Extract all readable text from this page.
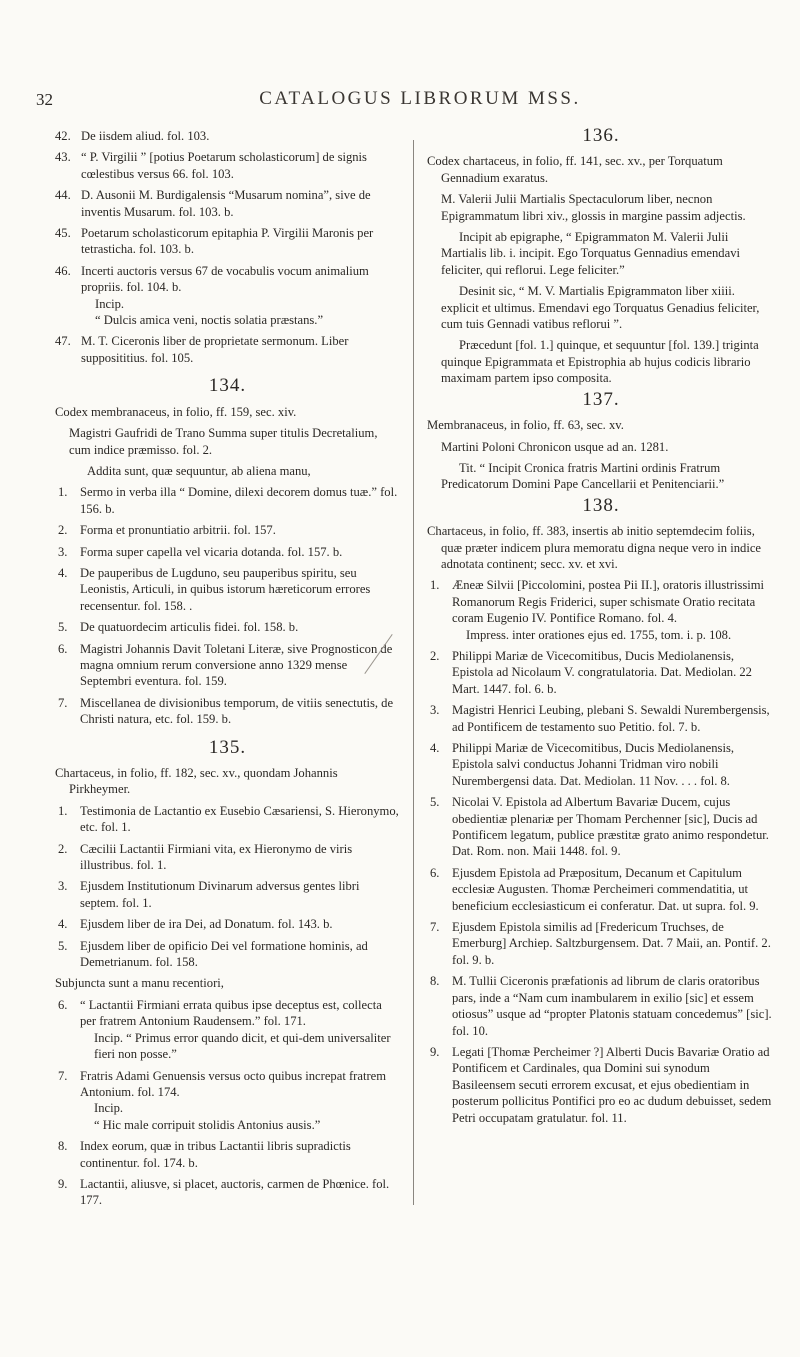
32	CATALOGUS LIBRORUM MSS.
42. De iisdem aliud. fol. 103.
43. “ P. Virgilii ” [potius Poetarum scholasticorum] de signis cœlestibus versus 66. fol. 103.
44. D. Ausonii M. Burdigalensis “Musarum nomina”, sive de inventis Musarum. fol. 103. b.
45. Poetarum scholasticorum epitaphia P. Virgilii Maronis per tetrasticha. fol. 103. b.
46. Incerti auctoris versus 67 de vocabulis vocum animalium propriis. fol. 104. b.
Incip.
“ Dulcis amica veni, noctis solatia præstans.”
47. M. T. Ciceronis liber de proprietate sermonum. Liber supposititius. fol. 105.
134.
Codex membranaceus, in folio, ff. 159, sec. xiv.
Magistri Gaufridi de Trano Summa super titulis Decretalium, cum indice præmisso. fol. 2.
Addita sunt, quæ sequuntur, ab aliena manu,
1. Sermo in verba illa “ Domine, dilexi decorem domus tuæ.” fol. 156. b.
2. Forma et pronuntiatio arbitrii. fol. 157.
3. Forma super capella vel vicaria dotanda. fol. 157. b.
4. De pauperibus de Lugduno, seu pauperibus spiritu, seu Leonistis, Articuli, in quibus istorum hæreticorum errores recensentur. fol. 158. .
5. De quatuordecim articulis fidei. fol. 158. b.
6. Magistri Johannis Davit Toletani Literæ, sive Prognosticon de magna omnium rerum conversione anno 1329 mense Septembri eventura. fol. 159.
7. Miscellanea de divisionibus temporum, de vitiis senectutis, de Christi natura, etc. fol. 159. b.
135.
Chartaceus, in folio, ff. 182, sec. xv., quondam Johannis Pirkheymer.
1. Testimonia de Lactantio ex Eusebio Cæsariensi, S. Hieronymo, etc. fol. 1.
2. Cæcilii Lactantii Firmiani vita, ex Hieronymo de viris illustribus. fol. 1.
3. Ejusdem Institutionum Divinarum adversus gentes libri septem. fol. 1.
4. Ejusdem liber de ira Dei, ad Donatum. fol. 143. b.
5. Ejusdem liber de opificio Dei vel formatione hominis, ad Demetrianum. fol. 158.
Subjuncta sunt a manu recentiori,
6. “ Lactantii Firmiani errata quibus ipse deceptus est, collecta per fratrem Antonium Raudensem.” fol. 171.
Incip. “ Primus error quando dicit, et qui-dem universaliter fieri non posse.”
7. Fratris Adami Genuensis versus octo quibus increpat fratrem Antonium. fol. 174.
Incip.
“ Hic male corripuit stolidis Antonius ausis.”
8. Index eorum, quæ in tribus Lactantii libris supradictis continentur. fol. 174. b.
9. Lactantii, aliusve, si placet, auctoris, carmen de Phœnice. fol. 177.
136.
Codex chartaceus, in folio, ff. 141, sec. xv., per Torquatum Gennadium exaratus.
M. Valerii Julii Martialis Spectaculorum liber, necnon Epigrammatum libri xiv., glossis in margine passim adjectis.
Incipit ab epigraphe, “ Epigrammaton M. Valerii Julii Martialis lib. i. incipit. Ego Torquatus Gennadius emendavi feliciter, qui reflorui. Lege feliciter.”
Desinit sic, “ M. V. Martialis Epigrammaton liber xiiii. explicit et ultimus. Emendavi ego Torquatus Genadius feliciter, cum tuis Gennadi vatibus reflorui ”.
Præcedunt [fol. 1.] quinque, et sequuntur [fol. 139.] triginta quinque Epigrammata et Epistrophia ab hujus codicis librario maximam partem ipso composita.
137.
Membranaceus, in folio, ff. 63, sec. xv.
Martini Poloni Chronicon usque ad an. 1281.
Tit. “ Incipit Cronica fratris Martini ordinis Fratrum Predicatorum Domini Pape Cancellarii et Penitenciarii.”
138.
Chartaceus, in folio, ff. 383, insertis ab initio septemdecim foliis, quæ præter indicem plura memoratu digna neque vero in indice adnotata continent; secc. xv. et xvi.
1. Æneæ Silvii [Piccolomini, postea Pii II.], oratoris illustrissimi Romanorum Regis Friderici, super schismate Oratio recitata coram Eugenio IV. Pontifice Romano. fol. 4.
Impress. inter orationes ejus ed. 1755, tom. i. p. 108.
2. Philippi Mariæ de Vicecomitibus, Ducis Mediolanensis, Epistola ad Nicolaum V. congratulatoria. Dat. Mediolan. 22 Mart. 1447. fol. 6. b.
3. Magistri Henrici Leubing, plebani S. Sewaldi Nurembergensis, ad Pontificem de testamento suo Petitio. fol. 7. b.
4. Philippi Mariæ de Vicecomitibus, Ducis Mediolanensis, Epistola salvi conductus Johanni Tridman viro nobili Nurembergensi data. Dat. Mediolan. 11 Nov. . . . fol. 8.
5. Nicolai V. Epistola ad Albertum Bavariæ Ducem, cujus obedientiæ plenariæ per Thomam Perchenner [sic], Ducis ad Pontificem legatum, publice præstitæ grato animo respondetur. Dat. Rom. non. Maii 1448. fol. 9.
6. Ejusdem Epistola ad Præpositum, Decanum et Capitulum ecclesiæ Augusten. Thomæ Percheimeri commendatitia, ut beneficium ecclesiasticum ei conferatur. Dat. ut supra. fol. 9.
7. Ejusdem Epistola similis ad [Fredericum Truchses, de Emerburg] Archiep. Saltzburgensem. Dat. 7 Maii, an. Pontif. 2. fol. 9. b.
8. M. Tullii Ciceronis præfationis ad librum de claris oratoribus pars, inde a “Nam cum inambularem in exilio [sic] et essem otiosus” usque ad “propter Platonis statuam concedemus” [sic]. fol. 10.
9. Legati [Thomæ Percheimer ?] Alberti Ducis Bavariæ Oratio ad Pontificem et Cardinales, qua Domini sui synodum Basileensem secuti errorem excusat, et ejus obedientiam in posterum pollicitus Pontifici pro eo ac dudum debuisset, sedem Petri occupatam gratulatur. fol. 11.
